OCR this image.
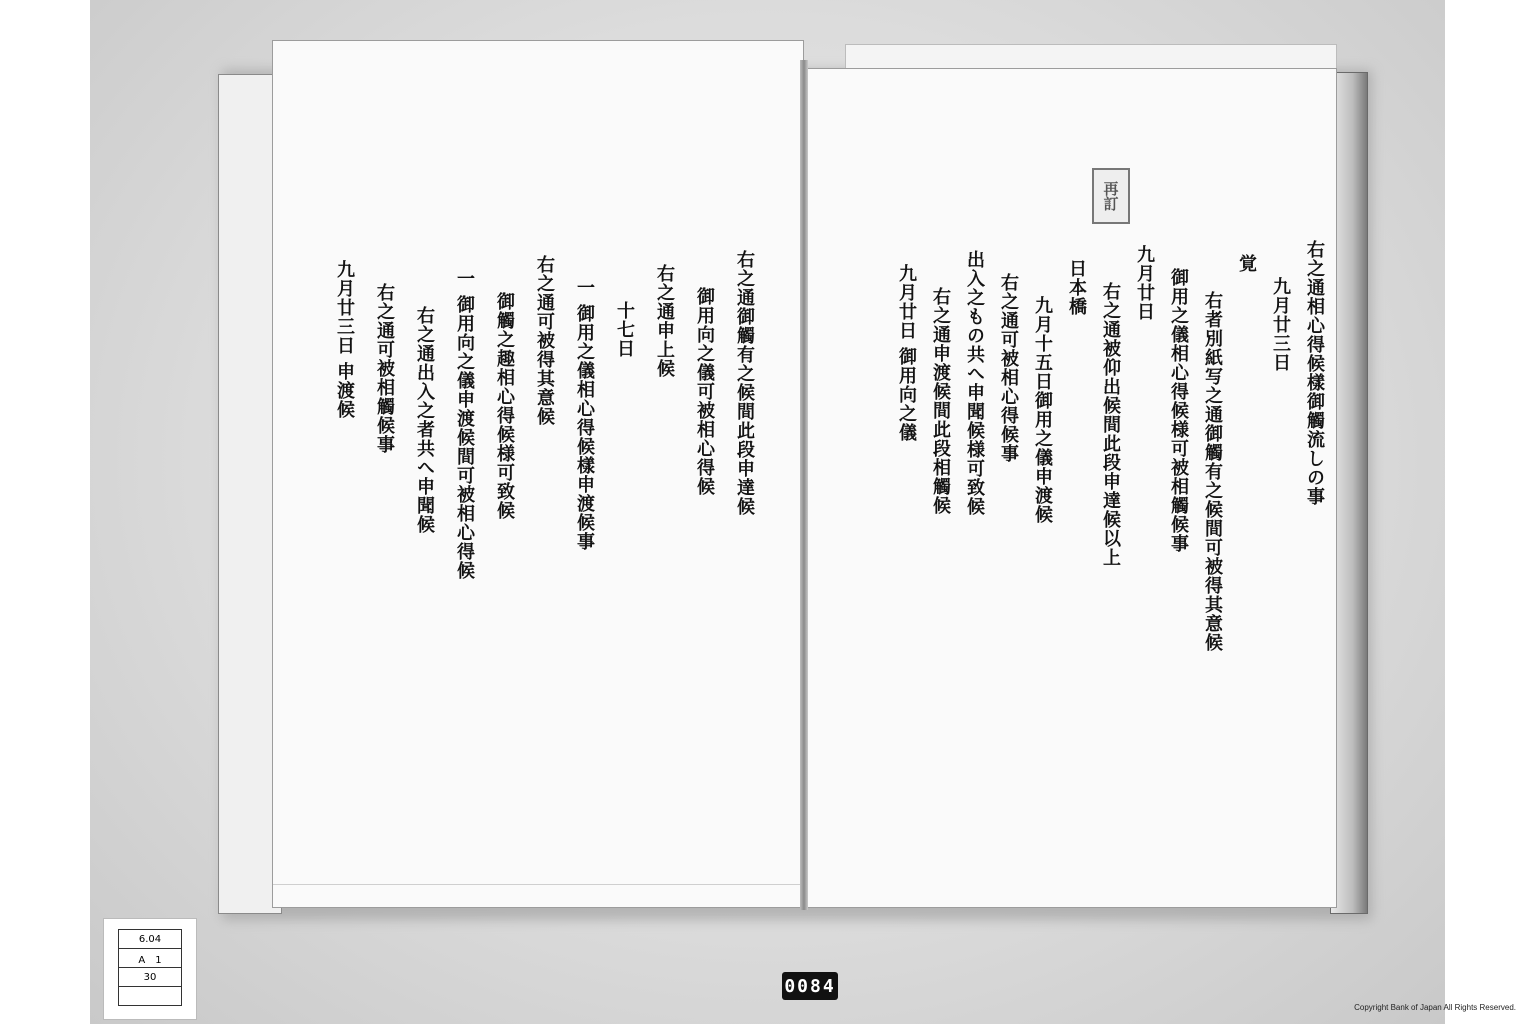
右之通相心得候樣御觸流しの事
九月廿三日
覚
右者別紙写之通御觸有之候間可被得其意候
御用之儀相心得候様可被相觸候事
九月廿日
右之通被仰出候間此段申達候以上
日本橋
九月十五日御用之儀申渡候
右之通可被相心得候事
出入之もの共へ申聞候様可致候
右之通申渡候間此段相觸候
九月廿日 御用向之儀
右之通御觸有之候間此段申達候
御用向之儀可被相心得候
右之通申上候
十七日
一 御用之儀相心得候樣申渡候事
右之通可被得其意候
御觸之趣相心得候様可致候
一 御用向之儀申渡候間可被相心得候
右之通出入之者共へ申聞候
右之通可被相觸候事
九月廿三日 申渡候
再訂
6.04
A　1
30	0084
Copyright Bank of Japan All Rights Reserved.
